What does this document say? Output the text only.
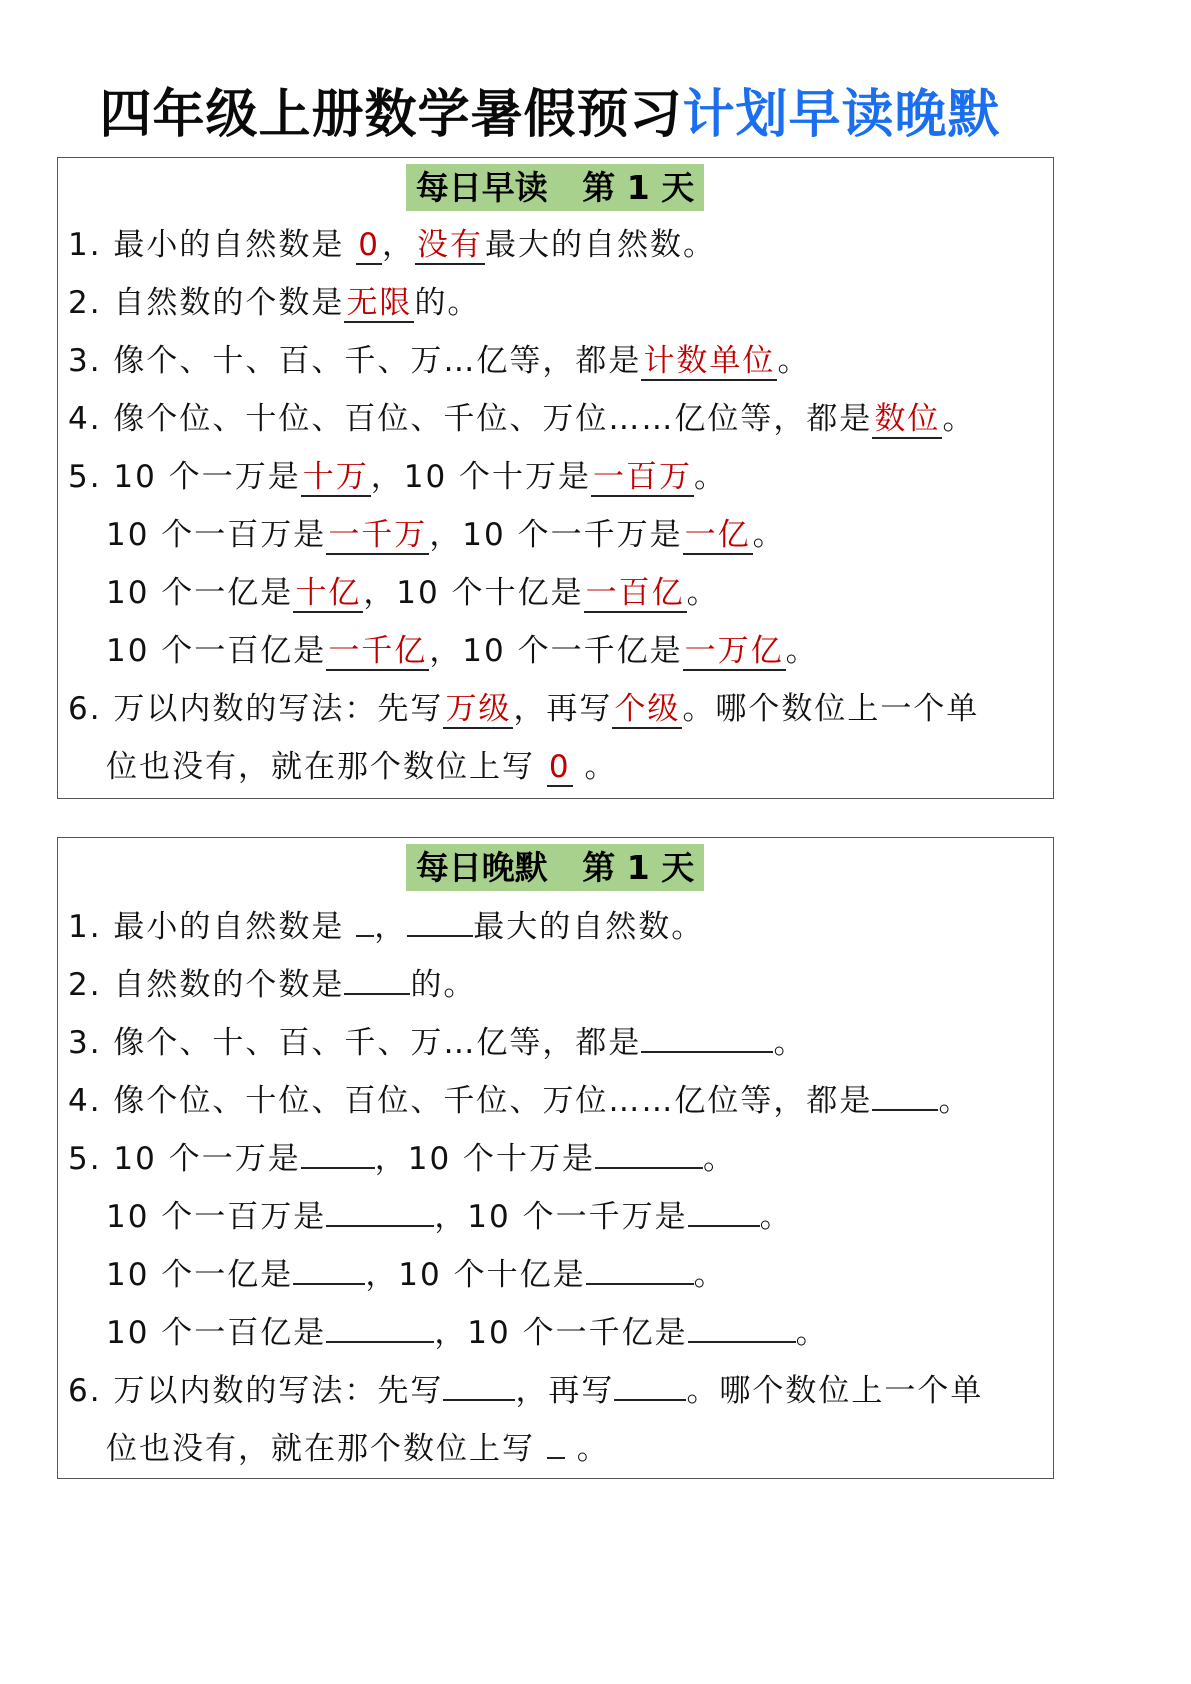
四年级上册数学暑假预习计划早读晚默
每日早读   第 1 天
1. 最小的自然数是 0，没有最大的自然数。
2. 自然数的个数是无限的。
3. 像个、十、百、千、万…亿等，都是计数单位。
4. 像个位、十位、百位、千位、万位……亿位等，都是数位。
5. 10 个一万是十万，10 个十万是一百万。
10 个一百万是一千万，10 个一千万是一亿。
10 个一亿是十亿，10 个十亿是一百亿。
10 个一百亿是一千亿，10 个一千亿是一万亿。
6. 万以内数的写法：先写万级，再写个级。哪个数位上一个单
位也没有，就在那个数位上写 0 。
每日晚默   第 1 天
1. 最小的自然数是 ， 最大的自然数。
2. 自然数的个数是 的。
3. 像个、十、百、千、万…亿等，都是	。
4. 像个位、十位、百位、千位、万位……亿位等，都是 。
5. 10 个一万是 ，10 个十万是	。
10 个一百万是	，10 个一千万是 。
10 个一亿是 ，10 个十亿是	。
10 个一百亿是	，10 个一千亿是	。
6. 万以内数的写法：先写 ，再写 。哪个数位上一个单
位也没有，就在那个数位上写  。
